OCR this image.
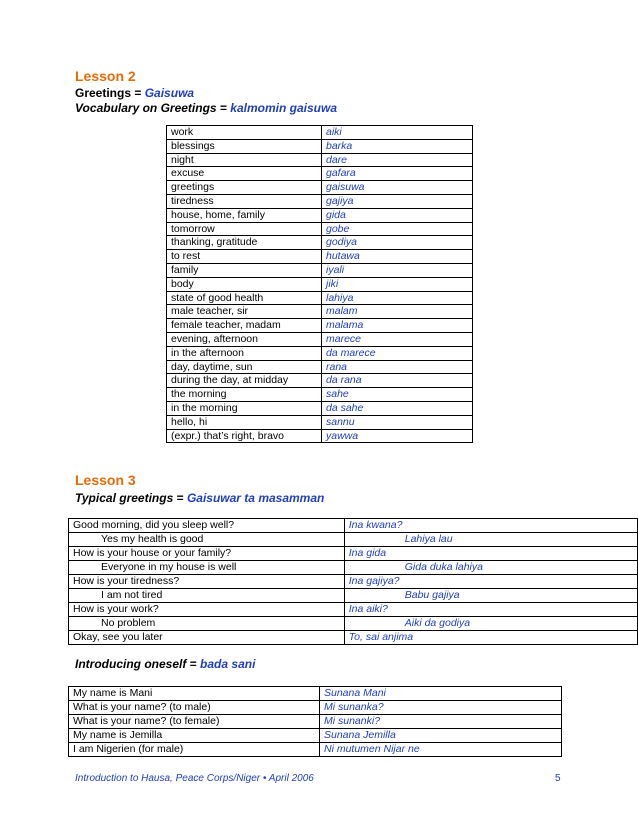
Lesson 2
Greetings = Gaisuwa
Vocabulary on Greetings = kalmomin gaisuwa
work	aiki
blessings	barka
night	dare
excuse	gafara
greetings	gaisuwa
tiredness	gajiya
house, home, family	gida
tomorrow	gobe
thanking, gratitude	godiya
to rest	hutawa
family	iyali
body	jiki
state of good health	lahiya
male teacher, sir	malam
female teacher, madam	malama
evening, afternoon	marece
in the afternoon	da marece
day, daytime, sun	rana
during the day, at midday	da rana
the morning	sahe
in the morning	da sahe
hello, hi	sannu
(expr.) that’s right, bravo	yawwa
Lesson 3
Typical greetings = Gaisuwar ta masamman
Good morning, did you sleep well?	Ina kwana?
Yes my health is good	Lahiya lau
How is your house or your family?	Ina gida
Everyone in my house is well	Gida duka lahiya
How is your tiredness?	Ina gajiya?
I am not tired	Babu gajiya
How is your work?	Ina aiki?
No problem	Aiki da godiya
Okay, see you later	To, sai anjima
Introducing oneself = bada sani
My name is Mani	Sunana Mani
What is your name? (to male)	Mi sunanka?
What is your name? (to female)	Mi sunanki?
My name is Jemilla	Sunana Jemilla
I am Nigerien (for male)	Ni mutumen Nijar ne
Introduction to Hausa, Peace Corps/Niger • April 2006	5
